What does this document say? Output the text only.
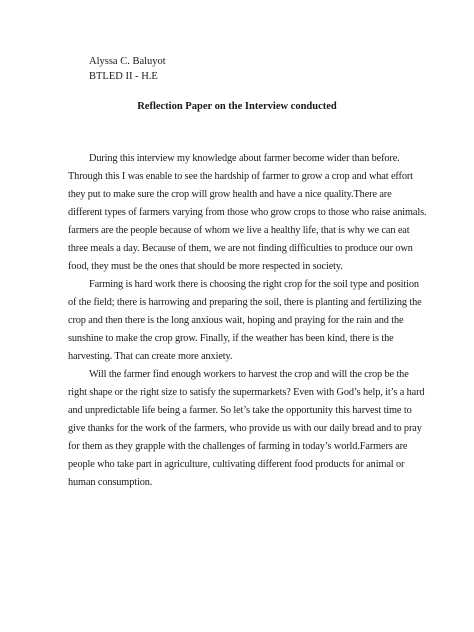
Alyssa C. Baluyot
BTLED II - H.E
Reflection Paper on the Interview conducted
During this interview my knowledge about farmer become wider than before.
Through this I was enable to see the hardship of farmer to grow a crop and what effort
they put to make sure the crop will grow health and have a nice quality.There are
different types of farmers varying from those who grow crops to those who raise animals.
farmers are the people because of whom we live a healthy life, that is why we can eat
three meals a day. Because of them, we are not finding difficulties to produce our own
food, they must be the ones that should be more respected in society.
Farming is hard work there is choosing the right crop for the soil type and position
of the field; there is harrowing and preparing the soil, there is planting and fertilizing the
crop and then there is the long anxious wait, hoping and praying for the rain and the
sunshine to make the crop grow. Finally, if the weather has been kind, there is the
harvesting. That can create more anxiety.
Will the farmer find enough workers to harvest the crop and will the crop be the
right shape or the right size to satisfy the supermarkets? Even with God’s help, it’s a hard
and unpredictable life being a farmer. So let’s take the opportunity this harvest time to
give thanks for the work of the farmers, who provide us with our daily bread and to pray
for them as they grapple with the challenges of farming in today’s world.Farmers are
people who take part in agriculture, cultivating different food products for animal or
human consumption.
